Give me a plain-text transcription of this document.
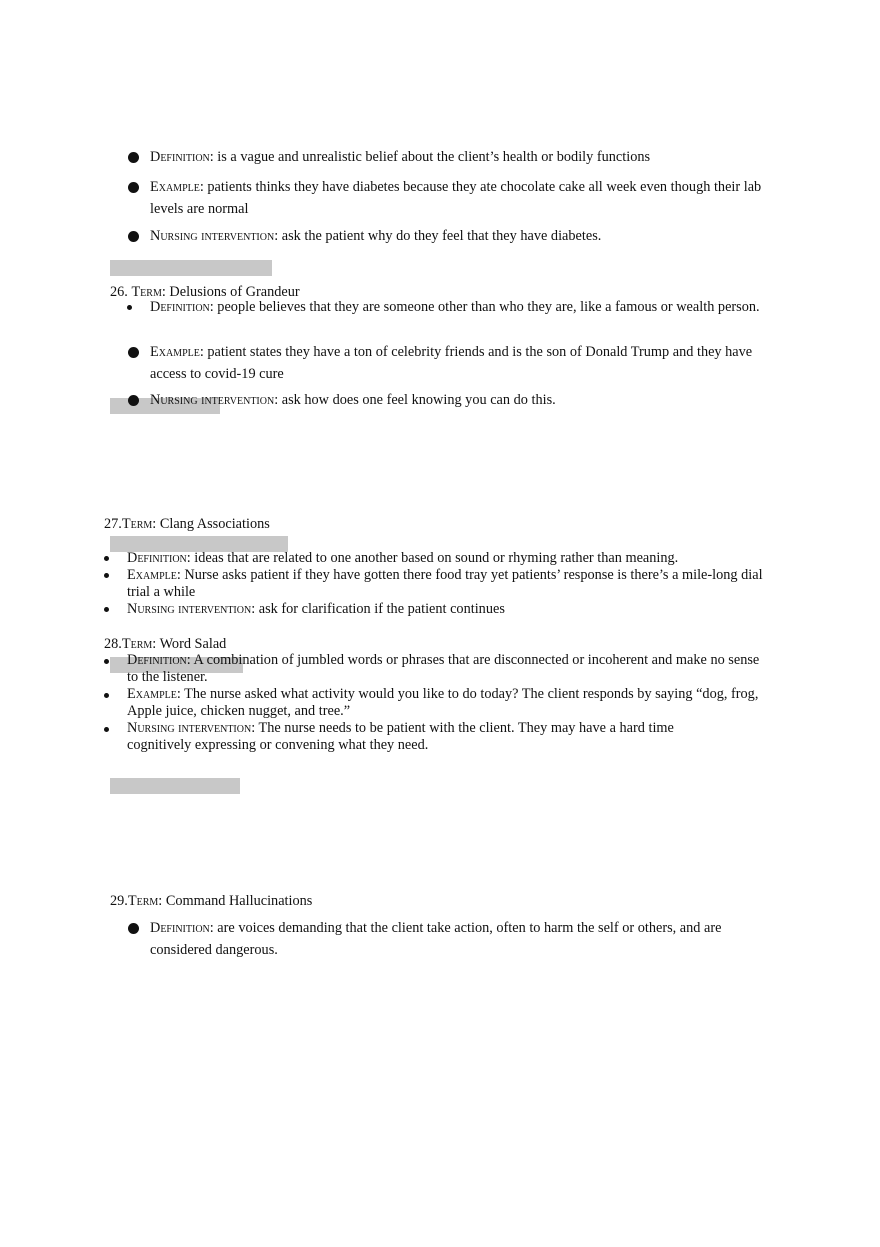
Definition: is a vague and unrealistic belief about the client’s health or bodily functions
Example: patients thinks they have diabetes because they ate chocolate cake all week even though their lab levels are normal
Nursing intervention: ask the patient why do they feel that they have diabetes.
26. Term: Delusions of Grandeur
Definition: people believes that they are someone other than who they are, like a famous or wealth person.
Example: patient states they have a ton of celebrity friends and is the son of Donald Trump and they have access to covid-19 cure
Nursing intervention: ask how does one feel knowing you can do this.
27.Term: Clang Associations
Definition: ideas that are related to one another based on sound or rhyming rather than meaning.
Example: Nurse asks patient if they have gotten there food tray yet patients’ response is there’s a mile-long dial trial a while
Nursing intervention: ask for clarification if the patient continues
28.Term: Word Salad
Definition: A combination of jumbled words or phrases that are disconnected or incoherent and make no sense to the listener.
Example: The nurse asked what activity would you like to do today? The client responds by saying “dog, frog, Apple juice, chicken nugget, and tree.”
Nursing intervention: The nurse needs to be patient with the client. They may have a hard time cognitively expressing or convening what they need.
29.Term: Command Hallucinations
Definition: are voices demanding that the client take action, often to harm the self or others, and are considered dangerous.
